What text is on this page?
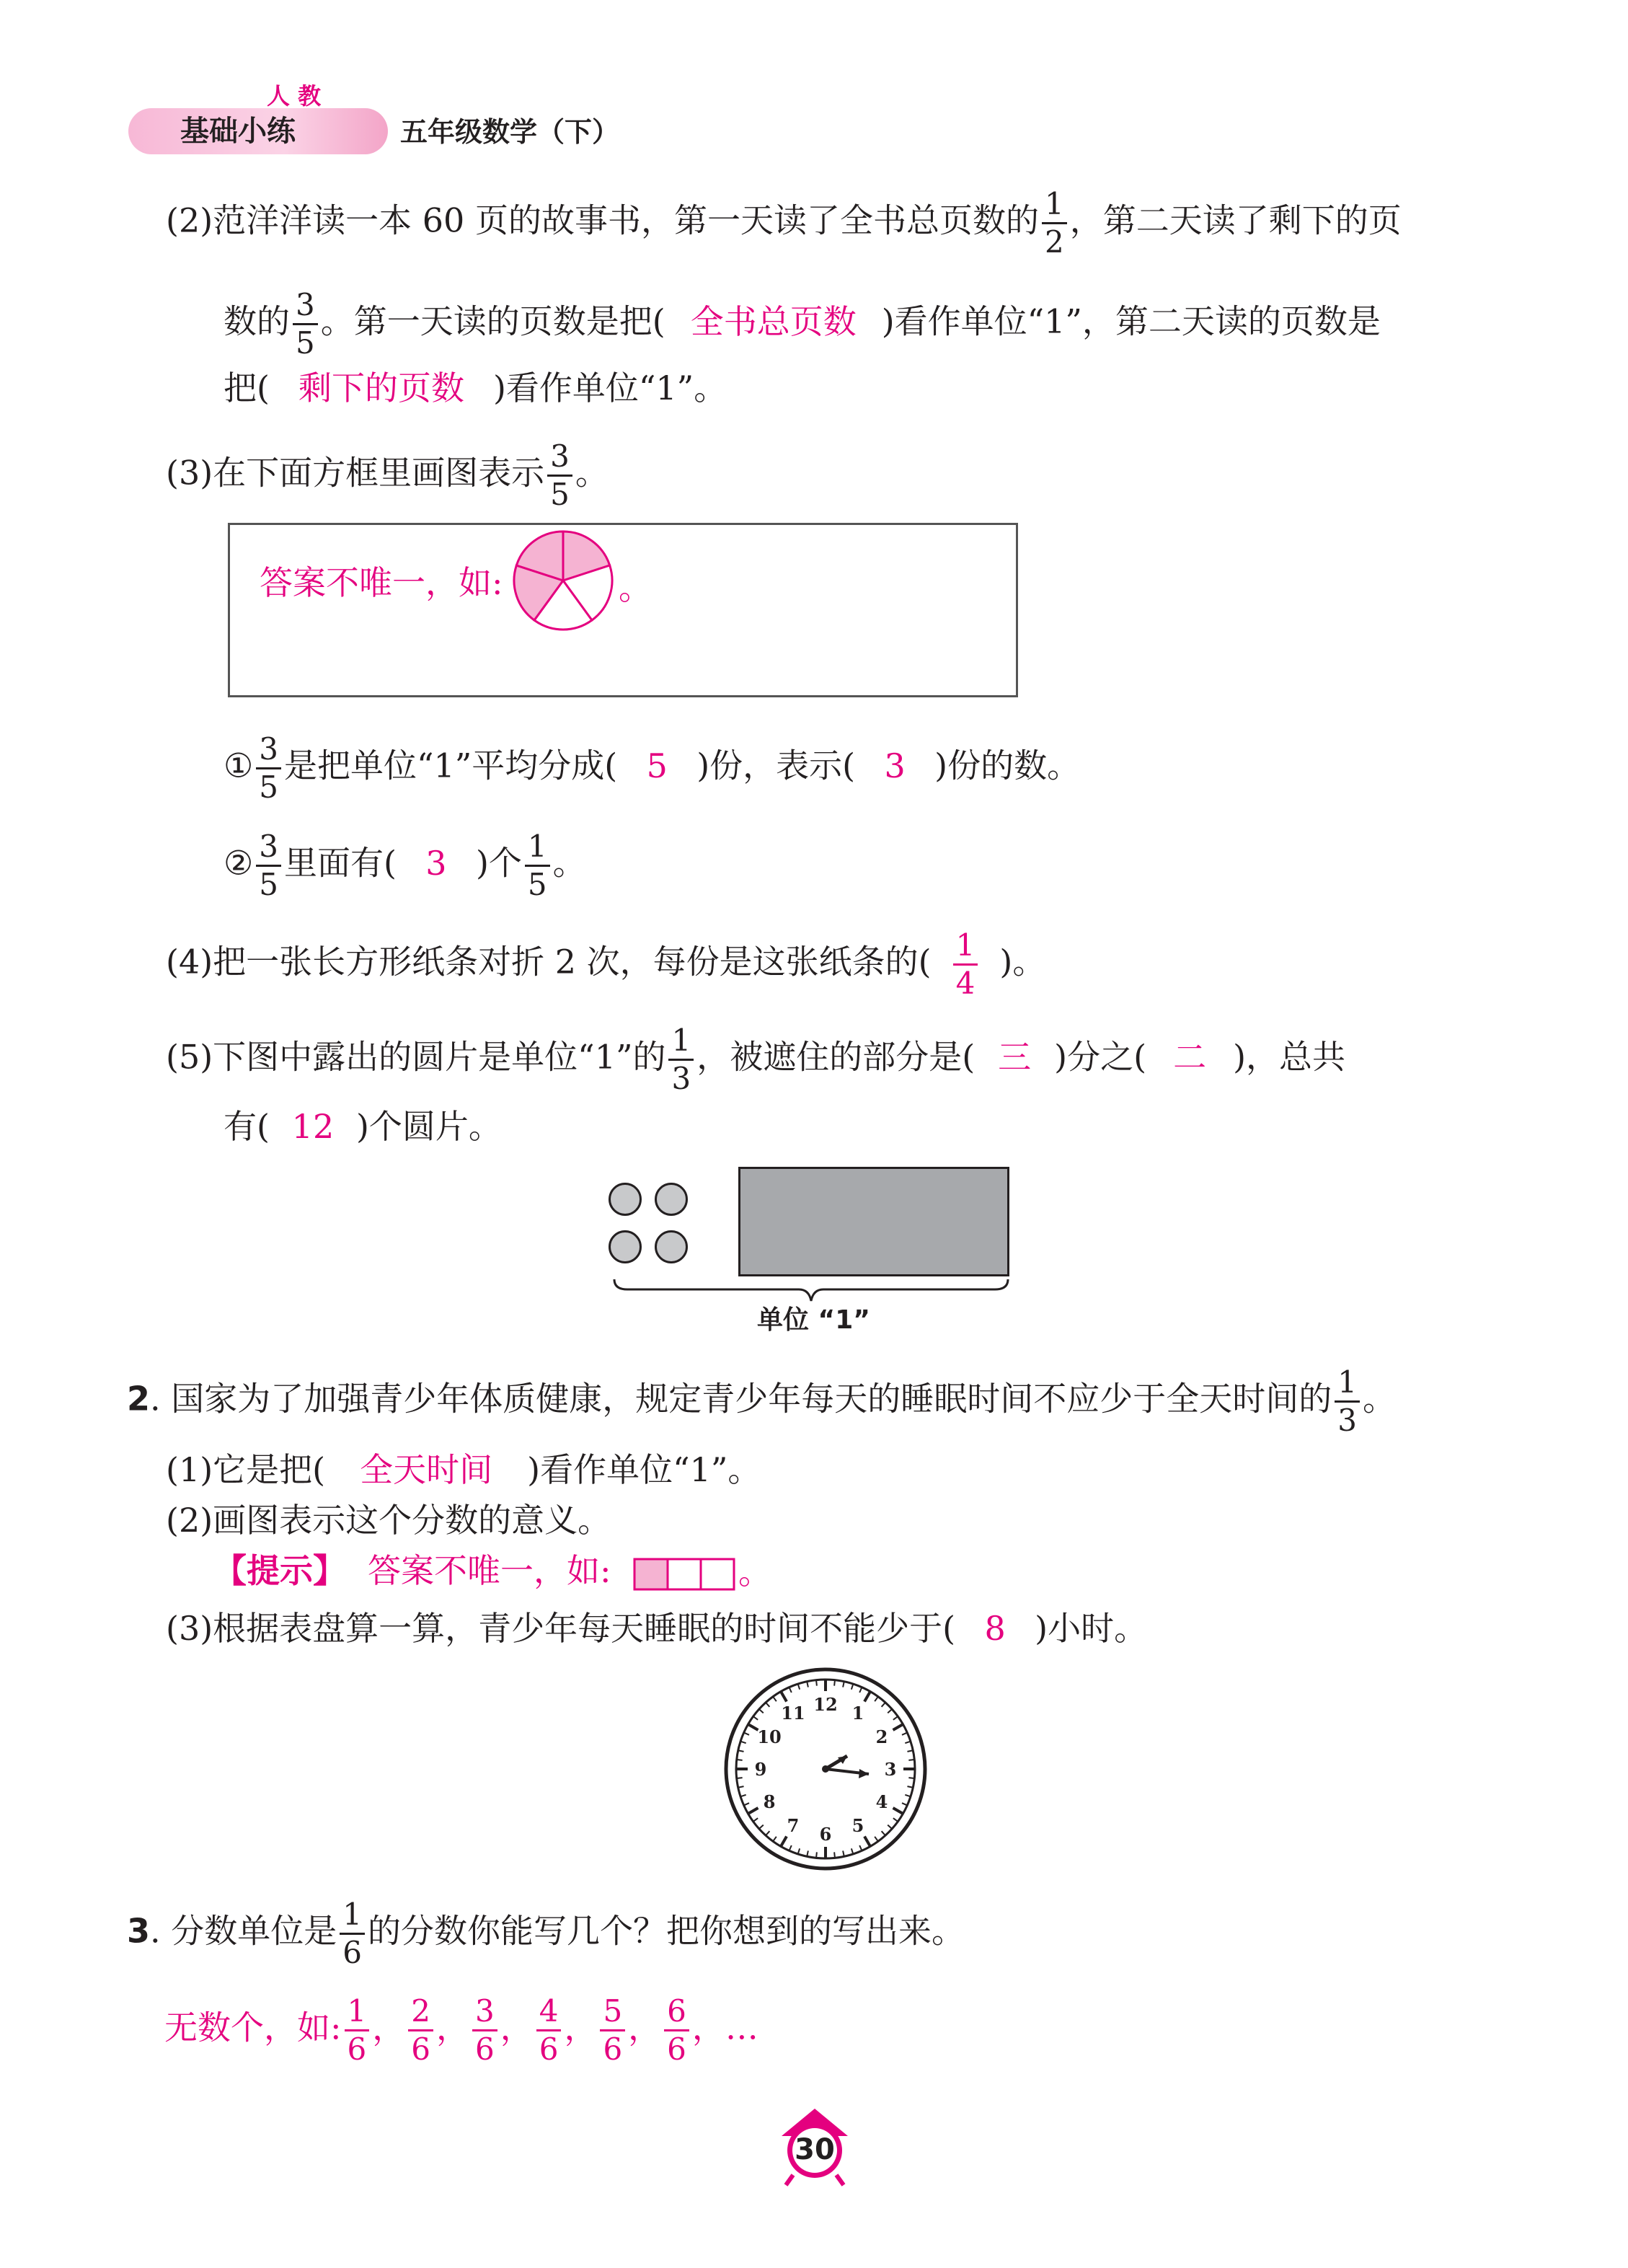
人 教
基础小练	五年级数学（下）
(2)范洋洋读一本 60 页的故事书，第一天读了全书总页数的 $\frac{1}{2}$ ，第二天读了剩下的页
数的 $\frac{3}{5}$ 。第一天读的页数是把( 全书总页数 )看作单位“1”，第二天读的页数是
把( 剩下的页数 )看作单位“1”。
(3)在下面方框里画图表示 $\frac{3}{5}$ 。
答案不唯一，如:	。
① $\frac{3}{5}$ 是把单位“1”平均分成( 5 )份，表示( 3 )份的数。
② $\frac{3}{5}$ 里面有( 3 )个 $\frac{1}{5}$ 。
(4)把一张长方形纸条对折 2 次，每份是这张纸条的( $\frac{1}{4}$ )。
(5)下图中露出的圆片是单位“1”的 $\frac{1}{3}$ ，被遮住的部分是( 三 )分之( 二 )，总共
有( 12 )个圆片。
单位 “1”
2. 国家为了加强青少年体质健康，规定青少年每天的睡眠时间不应少于全天时间的 $\frac{1}{3}$ 。
(1)它是把( 全天时间 )看作单位“1”。
(2)画图表示这个分数的意义。
【提示】 答案不唯一，如:	。
(3)根据表盘算一算，青少年每天睡眠的时间不能少于( 8 )小时。
12 1
2
3
4
5
6
7
8
9
10
11
3. 分数单位是 $\frac{1}{6}$ 的分数你能写几个？把你想到的写出来。
无数个，如: $\frac{1}{6}$ ， $\frac{2}{6}$ ， $\frac{3}{6}$ ， $\frac{4}{6}$ ， $\frac{5}{6}$ ， $\frac{6}{6}$ ，…
30
